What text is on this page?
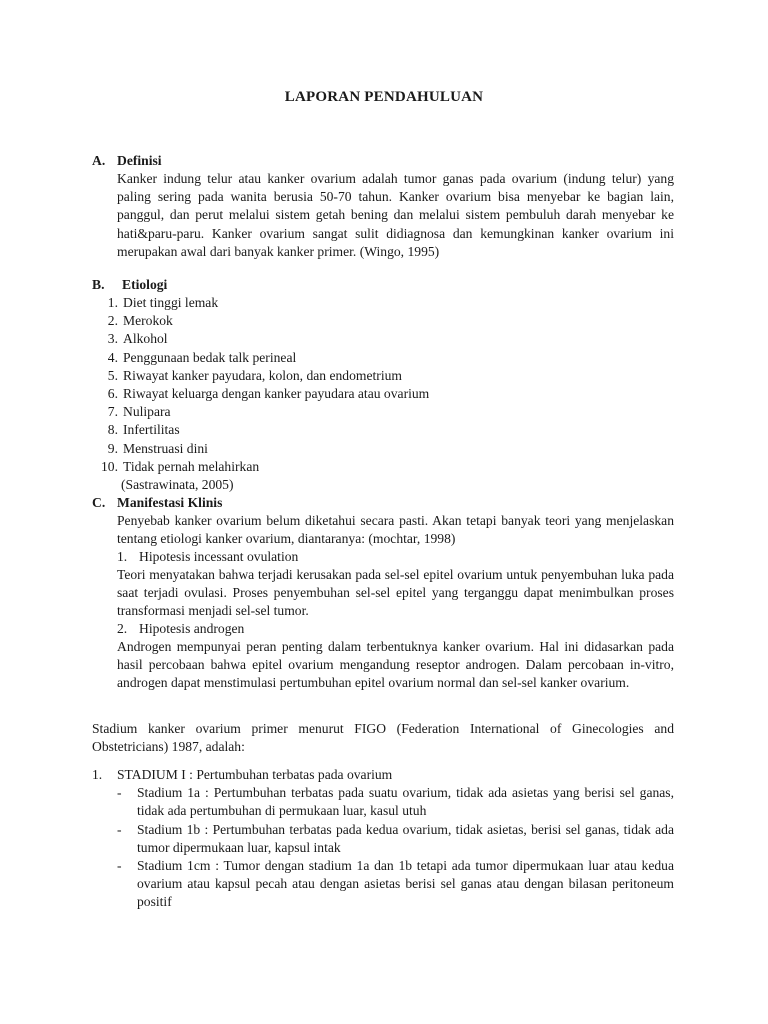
LAPORAN PENDAHULUAN
A. Definisi
Kanker indung telur atau kanker ovarium adalah tumor ganas pada ovarium (indung telur) yang paling sering pada wanita berusia 50-70 tahun. Kanker ovarium bisa menyebar ke bagian lain, panggul, dan perut melalui sistem getah bening dan melalui sistem pembuluh darah menyebar ke hati&paru-paru. Kanker ovarium sangat sulit didiagnosa dan kemungkinan kanker ovarium ini merupakan awal dari banyak kanker primer. (Wingo, 1995)
B. Etiologi
1. Diet tinggi lemak
2. Merokok
3. Alkohol
4. Penggunaan bedak talk perineal
5. Riwayat kanker payudara, kolon, dan endometrium
6. Riwayat keluarga dengan kanker payudara atau ovarium
7. Nulipara
8. Infertilitas
9. Menstruasi dini
10. Tidak pernah melahirkan
(Sastrawinata, 2005)
C. Manifestasi Klinis
Penyebab kanker ovarium belum diketahui secara pasti. Akan tetapi banyak teori yang menjelaskan tentang etiologi kanker ovarium, diantaranya: (mochtar, 1998)
1. Hipotesis incessant ovulation
Teori menyatakan bahwa terjadi kerusakan pada sel-sel epitel ovarium untuk penyembuhan luka pada saat terjadi ovulasi. Proses penyembuhan sel-sel epitel yang terganggu dapat menimbulkan proses transformasi menjadi sel-sel tumor.
2. Hipotesis androgen
Androgen mempunyai peran penting dalam terbentuknya kanker ovarium. Hal ini didasarkan pada hasil percobaan bahwa epitel ovarium mengandung reseptor androgen. Dalam percobaan in-vitro, androgen dapat menstimulasi pertumbuhan epitel ovarium normal dan sel-sel kanker ovarium.
Stadium kanker ovarium primer menurut FIGO (Federation International of Ginecologies and Obstetricians) 1987, adalah:
1. STADIUM I : Pertumbuhan terbatas pada ovarium
- Stadium 1a : Pertumbuhan terbatas pada suatu ovarium, tidak ada asietas yang berisi sel ganas, tidak ada pertumbuhan di permukaan luar, kasul utuh
- Stadium 1b : Pertumbuhan terbatas pada kedua ovarium, tidak asietas, berisi sel ganas, tidak ada tumor dipermukaan luar, kapsul intak
- Stadium 1cm : Tumor dengan stadium 1a dan 1b tetapi ada tumor dipermukaan luar atau kedua ovarium atau kapsul pecah atau dengan asietas berisi sel ganas atau dengan bilasan peritoneum positif
